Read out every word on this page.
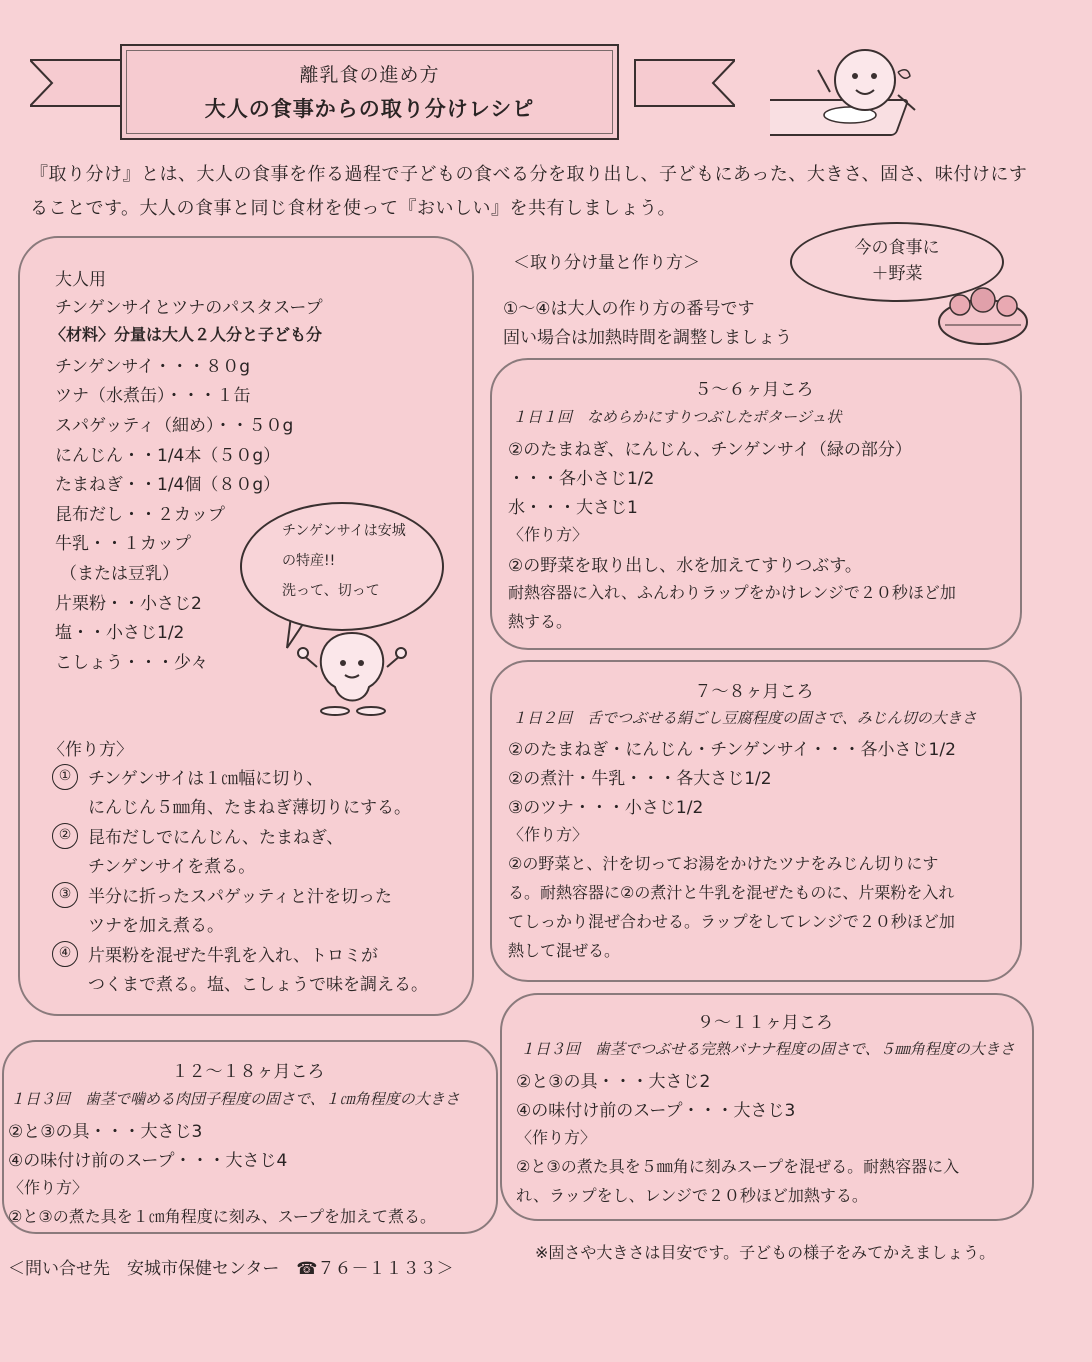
離乳食の進め方
大人の食事からの取り分けレシピ
『取り分け』とは、大人の食事を作る過程で子どもの食べる分を取り出し、子どもにあった、大きさ、固さ、味付けにすることです。大人の食事と同じ食材を使って『おいしい』を共有しましょう。
大人用
チンゲンサイとツナのパスタスープ
〈材料〉分量は大人２人分と子ども分
チンゲンサイ・・・８０g
ツナ（水煮缶）・・・１缶
スパゲッティ（細め）・・５０g
にんじん・・1/4本（５０g）
たまねぎ・・1/4個（８０g）
昆布だし・・２カップ
牛乳・・１カップ
（または豆乳）
片栗粉・・小さじ2
塩・・小さじ1/2
こしょう・・・少々
チンゲンサイは安城
の特産!!
洗って、切って
〈作り方〉
① チンゲンサイは１㎝幅に切り、
にんじん５㎜角、たまねぎ薄切りにする。
② 昆布だしでにんじん、たまねぎ、
チンゲンサイを煮る。
③ 半分に折ったスパゲッティと汁を切った
ツナを加え煮る。
④ 片栗粉を混ぜた牛乳を入れ、トロミが
つくまで煮る。塩、こしょうで味を調える。
＜取り分け量と作り方＞
今の食事に
＋野菜
①～④は大人の作り方の番号です
固い場合は加熱時間を調整しましょう
５～６ヶ月ころ
１日１回　なめらかにすりつぶしたポタージュ状
②のたまねぎ、にんじん、チンゲンサイ（緑の部分）
・・・各小さじ1/2
水・・・大さじ1
〈作り方〉
②の野菜を取り出し、水を加えてすりつぶす。
耐熱容器に入れ、ふんわりラップをかけレンジで２０秒ほど加
熱する。
７～８ヶ月ころ
１日２回　舌でつぶせる絹ごし豆腐程度の固さで、みじん切の大きさ
②のたまねぎ・にんじん・チンゲンサイ・・・各小さじ1/2
②の煮汁・牛乳・・・各大さじ1/2
③のツナ・・・小さじ1/2
〈作り方〉
②の野菜と、汁を切ってお湯をかけたツナをみじん切りにす
る。耐熱容器に②の煮汁と牛乳を混ぜたものに、片栗粉を入れ
てしっかり混ぜ合わせる。ラップをしてレンジで２０秒ほど加
熱して混ぜる。
９～１１ヶ月ころ
１日３回　歯茎でつぶせる完熟バナナ程度の固さで、５㎜角程度の大きさ
②と③の具・・・大さじ2
④の味付け前のスープ・・・大さじ3
〈作り方〉
②と③の煮た具を５㎜角に刻みスープを混ぜる。耐熱容器に入
れ、ラップをし、レンジで２０秒ほど加熱する。
１２～１８ヶ月ころ
１日３回　歯茎で噛める肉団子程度の固さで、１㎝角程度の大きさ
②と③の具・・・大さじ3
④の味付け前のスープ・・・大さじ4
〈作り方〉
②と③の煮た具を１㎝角程度に刻み、スープを加えて煮る。
＜問い合せ先　安城市保健センター　☎７６－１１３３＞
※固さや大きさは目安です。子どもの様子をみてかえましょう。
